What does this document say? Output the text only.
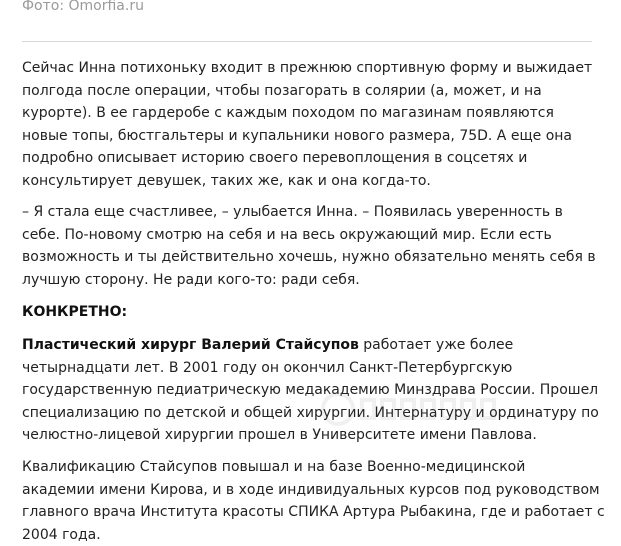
Фото: Omorfia.ru

Сейчас Инна потихоньку входит в прежнюю спортивную форму и выжидает
полгода после операции, чтобы позагорать в солярии (а, может, и на
курорте). В ее гардеробе с каждым походом по магазинам появляются
новые топы, бюстгальтеры и купальники нового размера, 75D. А еще она
подробно описывает историю своего перевоплощения в соцсетях и
консультирует девушек, таких же, как и она когда-то.

– Я стала еще счастливее, – улыбается Инна. – Появилась уверенность в
себе. По-новому смотрю на себя и на весь окружающий мир. Если есть
возможность и ты действительно хочешь, нужно обязательно менять себя в
лучшую сторону. Не ради кого-то: ради себя.

КОНКРЕТНО:

Пластический хирург Валерий Стайсупов работает уже более
четырнадцати лет. В 2001 году он окончил Санкт-Петербургскую
государственную педиатрическую медакадемию Минздрава России. Прошел
специализацию по детской и общей хирургии. Интернатуру и ординатуру по
челюстно-лицевой хирургии прошел в Университете имени Павлова.

Квалификацию Стайсупов повышал и на базе Военно-медицинской
академии имени Кирова, и в ходе индивидуальных курсов под руководством
главного врача Института красоты СПИКА Артура Рыбакина, где и работает с
2004 года.
